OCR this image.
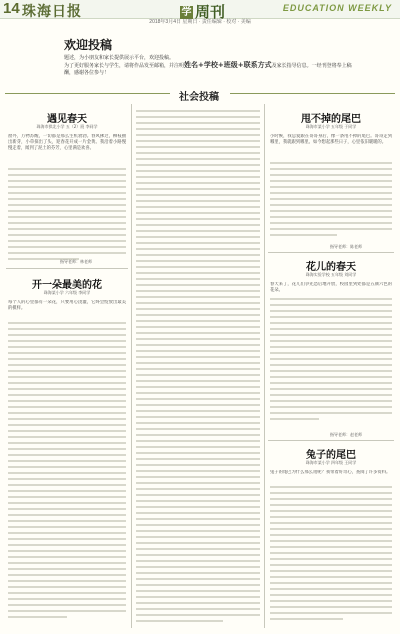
14 珠海日报	学 周刊	EDUCATION WEEKLY
2018年3月4日 星期日 · 责任编辑 · 校对 · 美编
欢迎投稿
题述，为小朋友和家长提供展示平台，欢迎投稿。
为了更好服务家长与学生，请将作品发至邮箱，并注明姓名+学校+班级+联系方式及家长指导信息。一经刊登将奉上稿酬，感谢各位参与！
社会投稿
遇见春天
珠海市拱北小学 五（2）班 李同学
窗外，万物苏醒，一切都是那么生机勃勃。春风拂过，柳枝抽出新芽，小草探出了头，迎春花开成一片金黄。我沿着小路慢慢走着，闻到了泥土的芬芳，心里满是欢喜。
指导老师：林老师
开一朵最美的花
珠海某小学 六年级 李同学
每个人的心里都有一朵花，只要用心浇灌，它终会绽放出最美的模样。
甩不掉的尾巴
珠海市某小学 五年级 于同学
小时候，我总爱跟在哥哥身后，像一条甩不掉的尾巴。哥哥走到哪里，我就跟到哪里。如今想起那些日子，心里依旧暖暖的。
指导老师：陈老师
花儿的春天
珠海实验学校 五年级 刘同学
春天来了，花儿们争先恐后地开放，校园里到处都是五颜六色的花朵。
指导老师：赵老师
兔子的尾巴
珠海市某小学 四年级 王同学
兔子的尾巴为什么那么短呢？我带着好奇心，查阅了许多资料。
